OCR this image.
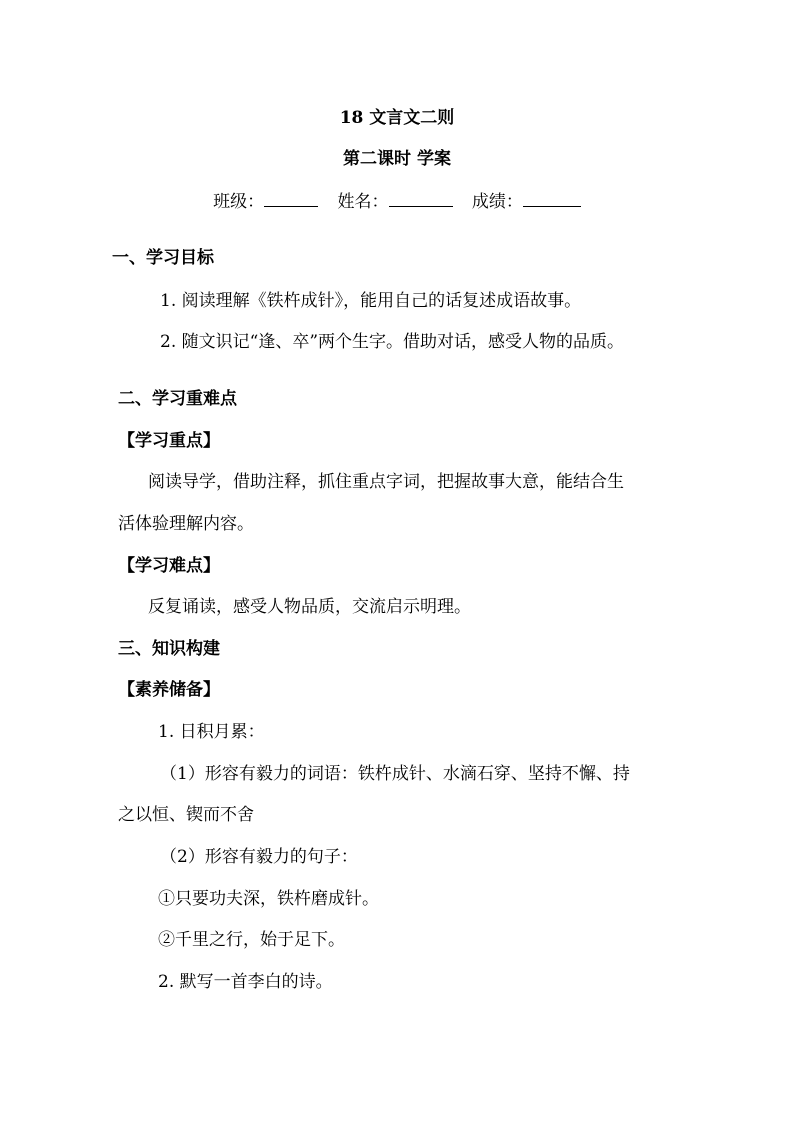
18 文言文二则
第二课时 学案
班级：	姓名：	成绩：
一、学习目标
1. 阅读理解《铁杵成针》，能用自己的话复述成语故事。
2. 随文识记“逢、卒”两个生字。借助对话，感受人物的品质。
二、学习重难点
【学习重点】
阅读导学，借助注释，抓住重点字词，把握故事大意，能结合生
活体验理解内容。
【学习难点】
反复诵读，感受人物品质，交流启示明理。
三、知识构建
【素养储备】
1. 日积月累：
（1）形容有毅力的词语：铁杵成针、水滴石穿、坚持不懈、持
之以恒、锲而不舍
（2）形容有毅力的句子：
①只要功夫深，铁杵磨成针。
②千里之行，始于足下。
2. 默写一首李白的诗。
